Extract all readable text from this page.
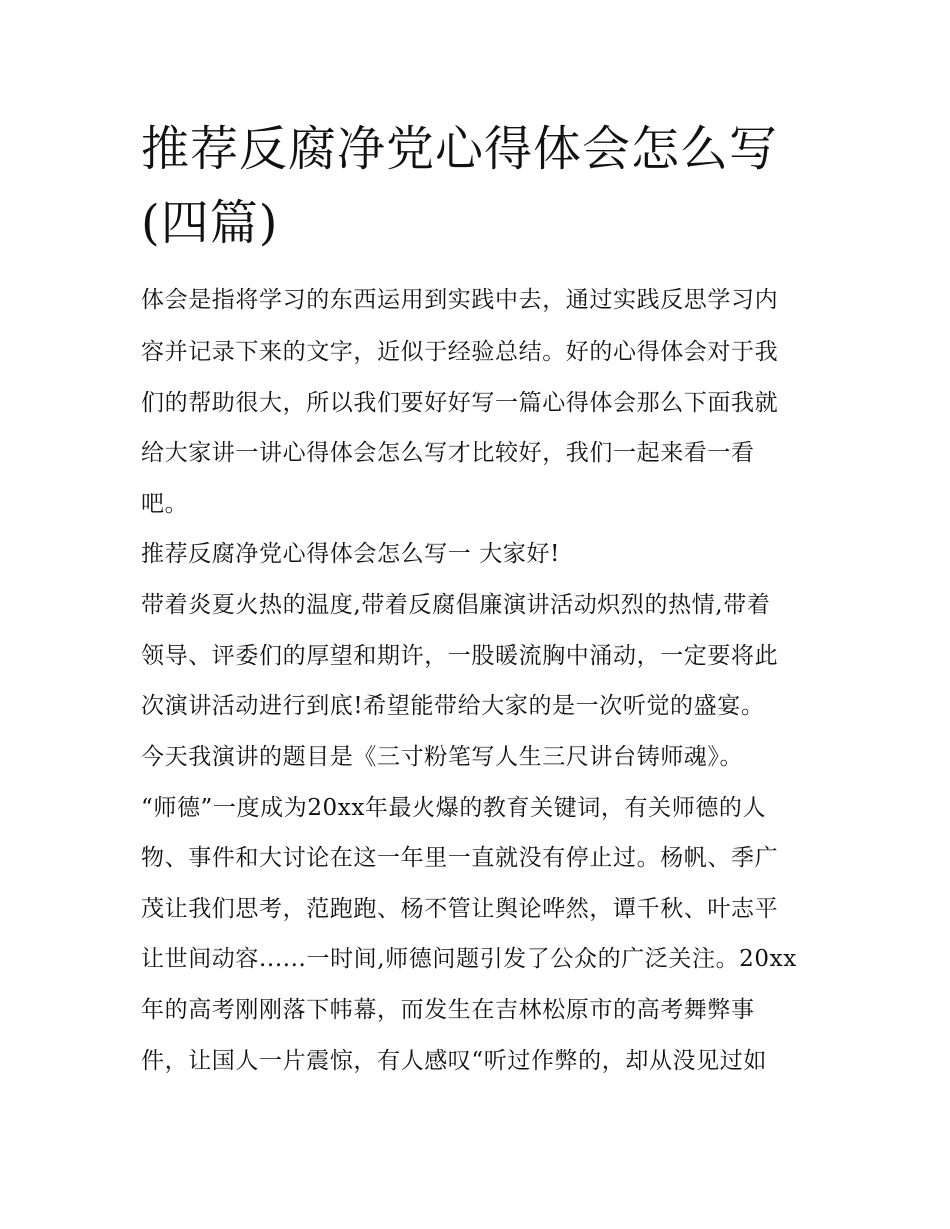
推荐反腐净党心得体会怎么写
(四篇)

体会是指将学习的东西运用到实践中去，通过实践反思学习内

容并记录下来的文字，近似于经验总结。好的心得体会对于我

们的帮助很大，所以我们要好好写一篇心得体会那么下面我就

给大家讲一讲心得体会怎么写才比较好，我们一起来看一看

吧。

推荐反腐净党心得体会怎么写一 大家好!

带着炎夏火热的温度,带着反腐倡廉演讲活动炽烈的热情,带着

领导、评委们的厚望和期许，一股暖流胸中涌动，一定要将此

次演讲活动进行到底!希望能带给大家的是一次听觉的盛宴。

今天我演讲的题目是《三寸粉笔写人生三尺讲台铸师魂》。

“师德”一度成为20xx年最火爆的教育关键词，有关师德的人

物、事件和大讨论在这一年里一直就没有停止过。杨帆、季广

茂让我们思考，范跑跑、杨不管让舆论哗然，谭千秋、叶志平

让世间动容......一时间,师德问题引发了公众的广泛关注。20xx

年的高考刚刚落下帏幕，而发生在吉林松原市的高考舞弊事

件，让国人一片震惊，有人感叹“听过作弊的，却从没见过如
